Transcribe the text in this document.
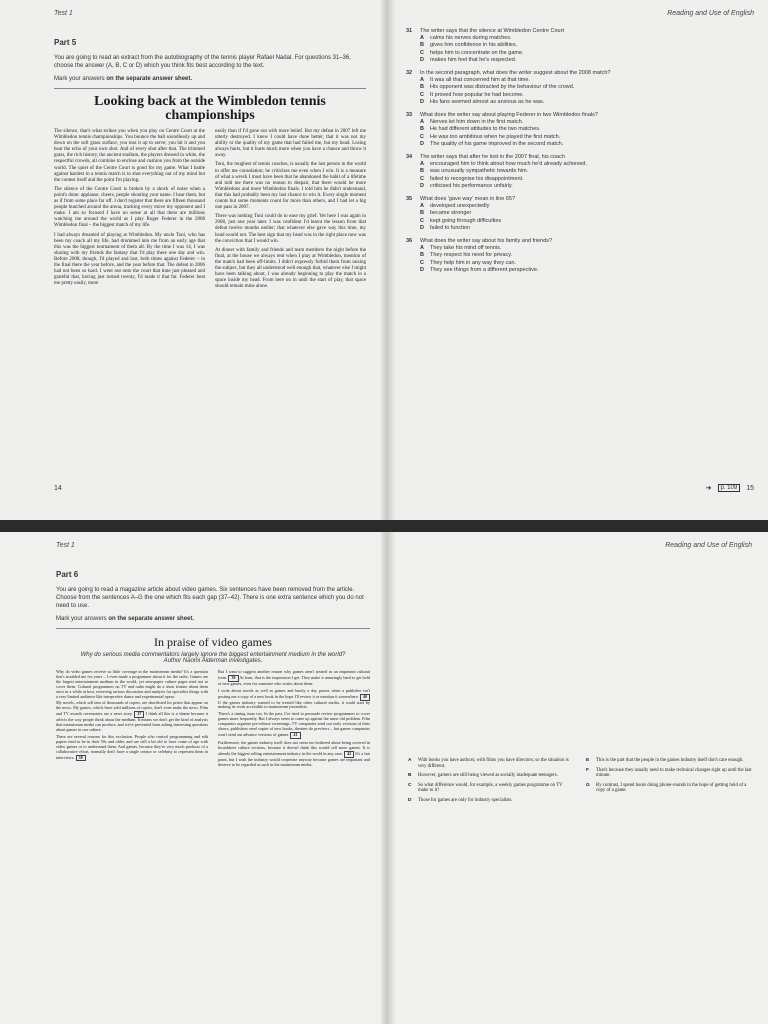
Test 1
Part 5
You are going to read an extract from the autobiography of the tennis player Rafael Nadal. For questions 31–36, choose the answer (A, B, C or D) which you think fits best according to the text.
Mark your answers on the separate answer sheet.
Looking back at the Wimbledon tennis championships

The silence, that's what strikes you when you play on Centre Court at the Wimbledon tennis championships. You bounce the ball soundlessly up and down on the soft grass surface; you toss it up to serve; you hit it and you hear the echo of your own shot. And of every shot after that. The trimmed grass, the rich history, the ancient stadium, the players dressed in white, the respectful crowds, all combine to enclose and cushion you from the outside world. The quiet of the Centre Court is good for my game. What I battle against hardest in a tennis match is to shut everything out of my mind but the contest itself and the point I'm playing.

The silence of the Centre Court is broken by a shock of noise when a point's done: applause, cheers, people shouting your name. I hear them, but as if from some place far off. I don't register that there are fifteen thousand people hunched around the arena, tracking every move my opponent and I make. I am so focused I have no sense at all that there are millions watching me around the world as I play Roger Federer in the 2008 Wimbledon final – the biggest match of my life.

I had always dreamed of playing at Wimbledon. My uncle Toni, who has been my coach all my life, had drummed into me from an early age that this was the biggest tournament of them all. By the time I was 14, I was sharing with my friends the fantasy that I'd play there one day and win. Before 2008, though, I'd played and lost, both times against Federer – in the final there the year before, and the year before that. The defeat in 2006 had not been so hard. I went out onto the court that time just pleased and grateful that, having just turned twenty, I'd made it that far. Federer beat me pretty easily, more

easily than if I'd gone out with more belief. But my defeat in 2007 left me utterly destroyed. I knew I could have done better, that it was not my ability or the quality of my game that had failed me, but my head. Losing always hurts, but it hurts much more when you have a chance and throw it away.

Toni, the toughest of tennis coaches, is usually the last person in the world to offer me consolation; he criticizes me even when I win. It is a measure of what a wreck I must have been that he abandoned the habit of a lifetime and told me there was no reason to despair, that there would be more Wimbledons and more Wimbledon finals. I told him he didn't understand, that this had probably been my last chance to win it. Every single moment counts but some moments count for more than others, and I had let a big one pass in 2007.

There was nothing Toni could do to ease my grief. Yet here I was again in 2008, just one year later. I was confident I'd learnt the lesson from that defeat twelve months earlier; that whatever else gave way this time, my head would not. The best sign that my head was in the right place now was the conviction that I would win.

At dinner with family and friends and team members the night before the final, at the house we always rent when I play at Wimbledon, mention of the match had been off-limits. I didn't expressly forbid them from raising the subject, but they all understood well enough that, whatever else I might have been talking about, I was already beginning to play the match in a space inside my head. From here on in until the start of play, that space should remain mine alone.

14
Reading and Use of English
31	The writer says that the silence at Wimbledon Centre Court
A	calms his nerves during matches.
B	gives him confidence in his abilities.
C	helps him to concentrate on the game.
D	makes him feel that he's respected.
32	In the second paragraph, what does the writer suggest about the 2008 match?
A	It was all that concerned him at that time.
B	His opponent was distracted by the behaviour of the crowd.
C	It proved how popular he had become.
D	His fans seemed almost as anxious as he was.
33	What does the writer say about playing Federer in two Wimbledon finals?
A	Nerves let him down in the first match.
B	He had different attitudes to the two matches.
C	He was too ambitious when he played the first match.
D	The quality of his game improved in the second match.
34	The writer says that after he lost in the 2007 final, his coach
A	encouraged him to think about how much he'd already achieved.
B	was unusually sympathetic towards him.
C	failed to recognise his disappointment.
D	criticised his performance unfairly.
35	What does 'gave way' mean in line 65?
A	developed unexpectedly
B	became stronger
C	kept going through difficulties
D	failed to function
36	What does the writer say about his family and friends?
A	They take his mind off tennis.
B	They respect his need for privacy.
C	They help him in any way they can.
D	They see things from a different perspective.
➜	p. 109	15
Test 1
Part 6
You are going to read a magazine article about video games. Six sentences have been removed from the article. Choose from the sentences A–G the one which fits each gap (37–42). There is one extra sentence which you do not need to use.
Mark your answers on the separate answer sheet.
In praise of video games
Why do serious media commentators largely ignore the biggest entertainment medium in the world? Author Naomi Alderman investigates.

Why do video games receive so little coverage in the mainstream media? It's a question that's troubled me for years – I even made a programme about it for the radio. Games are the largest entertainment medium in the world, yet newspaper culture pages tend not to cover them. Cultural programmes on TV and radio might do a short feature about them once in a while at best, reserving serious discussion and analysis for specialist things with a very limited audience like interpretive dance and experimental opera.

My novels, which sell tens of thousands of copies, are shortlisted for prizes that appear on the news. My games, which have sold millions of copies, don't even make the news. Film and TV awards ceremonies are a news story. 37 I think all this is a shame because it affects the way people think about the medium. It means we don't get the kind of analysis that mainstream media can produce, and we're prevented from asking interesting questions about games in our culture.

There are several reasons for this exclusion. People who control programming and edit papers tend to be in their 50s and older, and are still a bit old to have come of age with video games or to understand them. And games, because they're very much products of a collaborative effort, normally don't have a single creator or celebrity to represent them in interviews. 38

But I want to suggest another reason why games aren't treated as an important cultural form. 39 At least, that is the impression I get. They make it amazingly hard to get hold of new games, even for someone who writes about them.

I write about novels as well as games and barely a day passes when a publisher isn't posting me a copy of a new book in the hope I'll review it or mention it somewhere. 40 If the games industry wanted to be treated like other cultural media, it could start by making its work accessible to mainstream journalists.

There's a timing issue too. In the past, I've tried to persuade review programmes to cover games more frequently. But I always seem to come up against the same old problem. Film companies organise pre-release screenings, TV companies send out early versions of their shows, publishers send copies of new books, theatres do previews – but games companies won't send out advance versions of games. 41

Furthermore, the games industry itself does not seem too bothered about being covered in broadsheet culture sections, because it doesn't think this would sell more games. It is already the biggest selling entertainment industry in the world in any case. 42 It's a fair point, but I wish the industry would cooperate anyway because games are important and deserve to be regarded as such in the mainstream media.

Reading and Use of English
A	With books you have authors; with films you have directors; so the situation is very different.
B	However, gamers are still being viewed as socially inadequate teenagers.
C	So what difference would, for example, a weekly games programme on TV make to it?
D	Those for games are only for industry specialists.
E	This is the part that the people in the games industry itself don't care enough.
F	That's because they usually need to make technical changes right up until the last minute.
G	By contrast, I spend hours doing phone-rounds in the hope of getting hold of a copy of a game.
